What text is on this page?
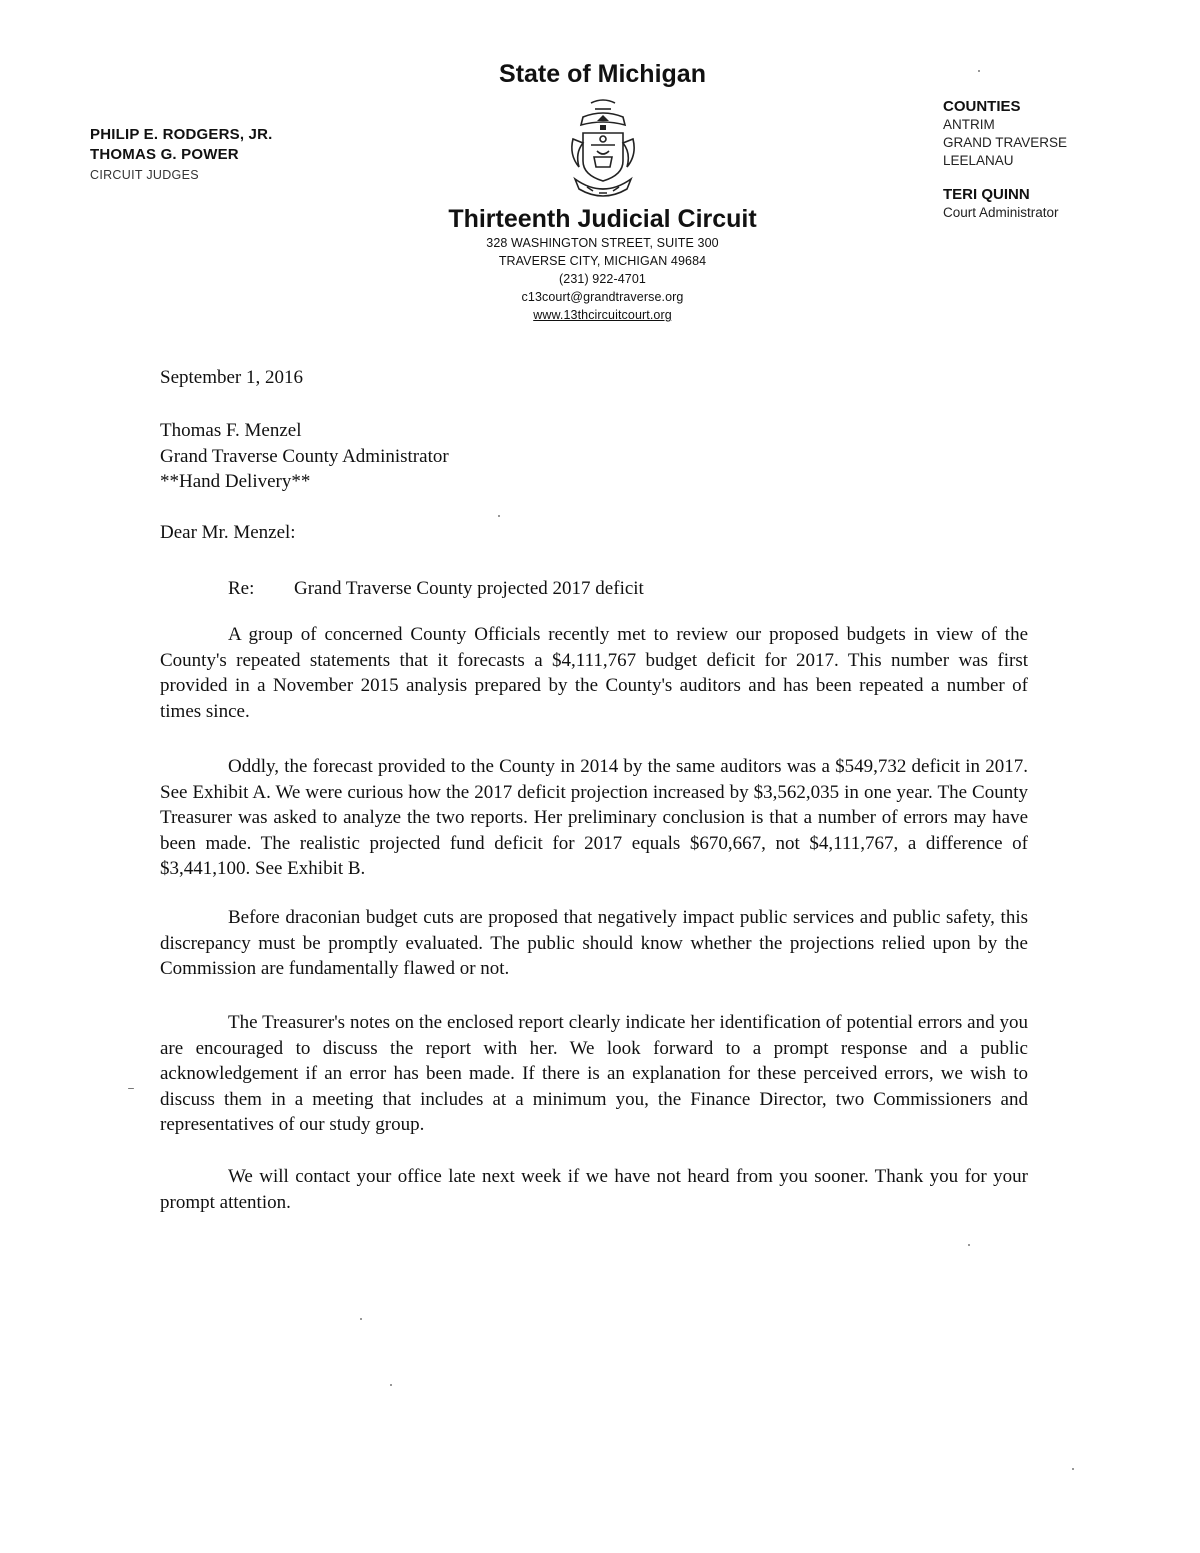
PHILIP E. RODGERS, JR.
THOMAS G. POWER
CIRCUIT JUDGES
State of Michigan
Thirteenth Judicial Circuit
328 WASHINGTON STREET, SUITE 300
TRAVERSE CITY, MICHIGAN 49684
(231) 922-4701
c13court@grandtraverse.org
www.13thcircuitcourt.org
COUNTIES
ANTRIM
GRAND TRAVERSE
LEELANAU
TERI QUINN
Court Administrator
September 1, 2016
Thomas F. Menzel
Grand Traverse County Administrator
**Hand Delivery**
Dear Mr. Menzel:
Re: Grand Traverse County projected 2017 deficit

A group of concerned County Officials recently met to review our proposed budgets in view of the County's repeated statements that it forecasts a $4,111,767 budget deficit for 2017. This number was first provided in a November 2015 analysis prepared by the County's auditors and has been repeated a number of times since.

Oddly, the forecast provided to the County in 2014 by the same auditors was a $549,732 deficit in 2017. See Exhibit A. We were curious how the 2017 deficit projection increased by $3,562,035 in one year. The County Treasurer was asked to analyze the two reports. Her preliminary conclusion is that a number of errors may have been made. The realistic projected fund deficit for 2017 equals $670,667, not $4,111,767, a difference of $3,441,100. See Exhibit B.

Before draconian budget cuts are proposed that negatively impact public services and public safety, this discrepancy must be promptly evaluated. The public should know whether the projections relied upon by the Commission are fundamentally flawed or not.

The Treasurer's notes on the enclosed report clearly indicate her identification of potential errors and you are encouraged to discuss the report with her. We look forward to a prompt response and a public acknowledgement if an error has been made. If there is an explanation for these perceived errors, we wish to discuss them in a meeting that includes at a minimum you, the Finance Director, two Commissioners and representatives of our study group.

We will contact your office late next week if we have not heard from you sooner. Thank you for your prompt attention.
